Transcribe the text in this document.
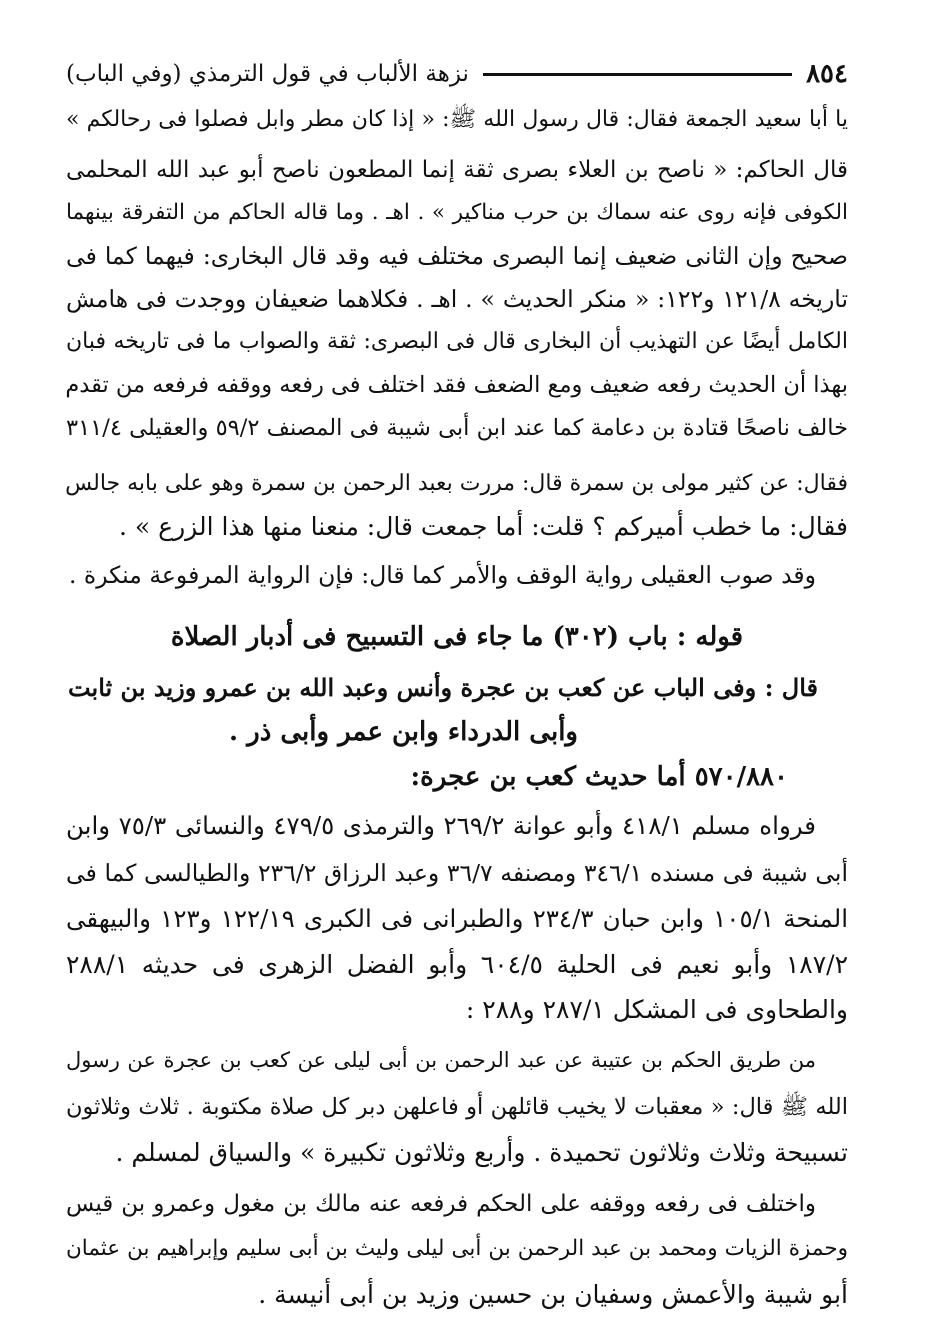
٨٥٤
نزهة الألباب في قول الترمذي (وفي الباب)
يا أبا سعيد الجمعة فقال: قال رسول الله ﷺ: « إذا كان مطر وابل فصلوا فى رحالكم »
قال الحاكم: « ناصح بن العلاء بصرى ثقة إنما المطعون ناصح أبو عبد الله المحلمى
الكوفى فإنه روى عنه سماك بن حرب مناكير » . اهـ . وما قاله الحاكم من التفرقة بينهما
صحيح وإن الثانى ضعيف إنما البصرى مختلف فيه وقد قال البخارى: فيهما كما فى
تاريخه ١٢١/٨ و١٢٢: « منكر الحديث » . اهـ . فكلاهما ضعيفان ووجدت فى هامش
الكامل أيضًا عن التهذيب أن البخارى قال فى البصرى: ثقة والصواب ما فى تاريخه فبان
بهذا أن الحديث رفعه ضعيف ومع الضعف فقد اختلف فى رفعه ووقفه فرفعه من تقدم
خالف ناصحًا قتادة بن دعامة كما عند ابن أبى شيبة فى المصنف ٥٩/٢ والعقيلى ٣١١/٤
فقال: عن كثير مولى بن سمرة قال: مررت بعبد الرحمن بن سمرة وهو على بابه جالس
فقال: ما خطب أميركم ؟ قلت: أما جمعت قال: منعنا منها هذا الزرع » .
وقد صوب العقيلى رواية الوقف والأمر كما قال: فإن الرواية المرفوعة منكرة .
قوله : باب (٣٠٢) ما جاء فى التسبيح فى أدبار الصلاة
قال : وفى الباب عن كعب بن عجرة وأنس وعبد الله بن عمرو وزيد بن ثابت
وأبى الدرداء وابن عمر وأبى ذر .
٥٧٠/٨٨٠ أما حديث كعب بن عجرة:
فرواه مسلم ٤١٨/١ وأبو عوانة ٢٦٩/٢ والترمذى ٤٧٩/٥ والنسائى ٧٥/٣ وابن
أبى شيبة فى مسنده ٣٤٦/١ ومصنفه ٣٦/٧ وعبد الرزاق ٢٣٦/٢ والطيالسى كما فى
المنحة ١٠٥/١ وابن حبان ٢٣٤/٣ والطبرانى فى الكبرى ١٢٢/١٩ و١٢٣ والبيهقى
١٨٧/٢ وأبو نعيم فى الحلية ٦٠٤/٥ وأبو الفضل الزهرى فى حديثه ٢٨٨/١
والطحاوى فى المشكل ٢٨٧/١ و٢٨٨ :
من طريق الحكم بن عتيبة عن عبد الرحمن بن أبى ليلى عن كعب بن عجرة عن رسول
الله ﷺ قال: « معقبات لا يخيب قائلهن أو فاعلهن دبر كل صلاة مكتوبة . ثلاث وثلاثون
تسبيحة وثلاث وثلاثون تحميدة . وأربع وثلاثون تكبيرة » والسياق لمسلم .
واختلف فى رفعه ووقفه على الحكم فرفعه عنه مالك بن مغول وعمرو بن قيس
وحمزة الزيات ومحمد بن عبد الرحمن بن أبى ليلى وليث بن أبى سليم وإبراهيم بن عثمان
أبو شيبة والأعمش وسفيان بن حسين وزيد بن أبى أنيسة .
